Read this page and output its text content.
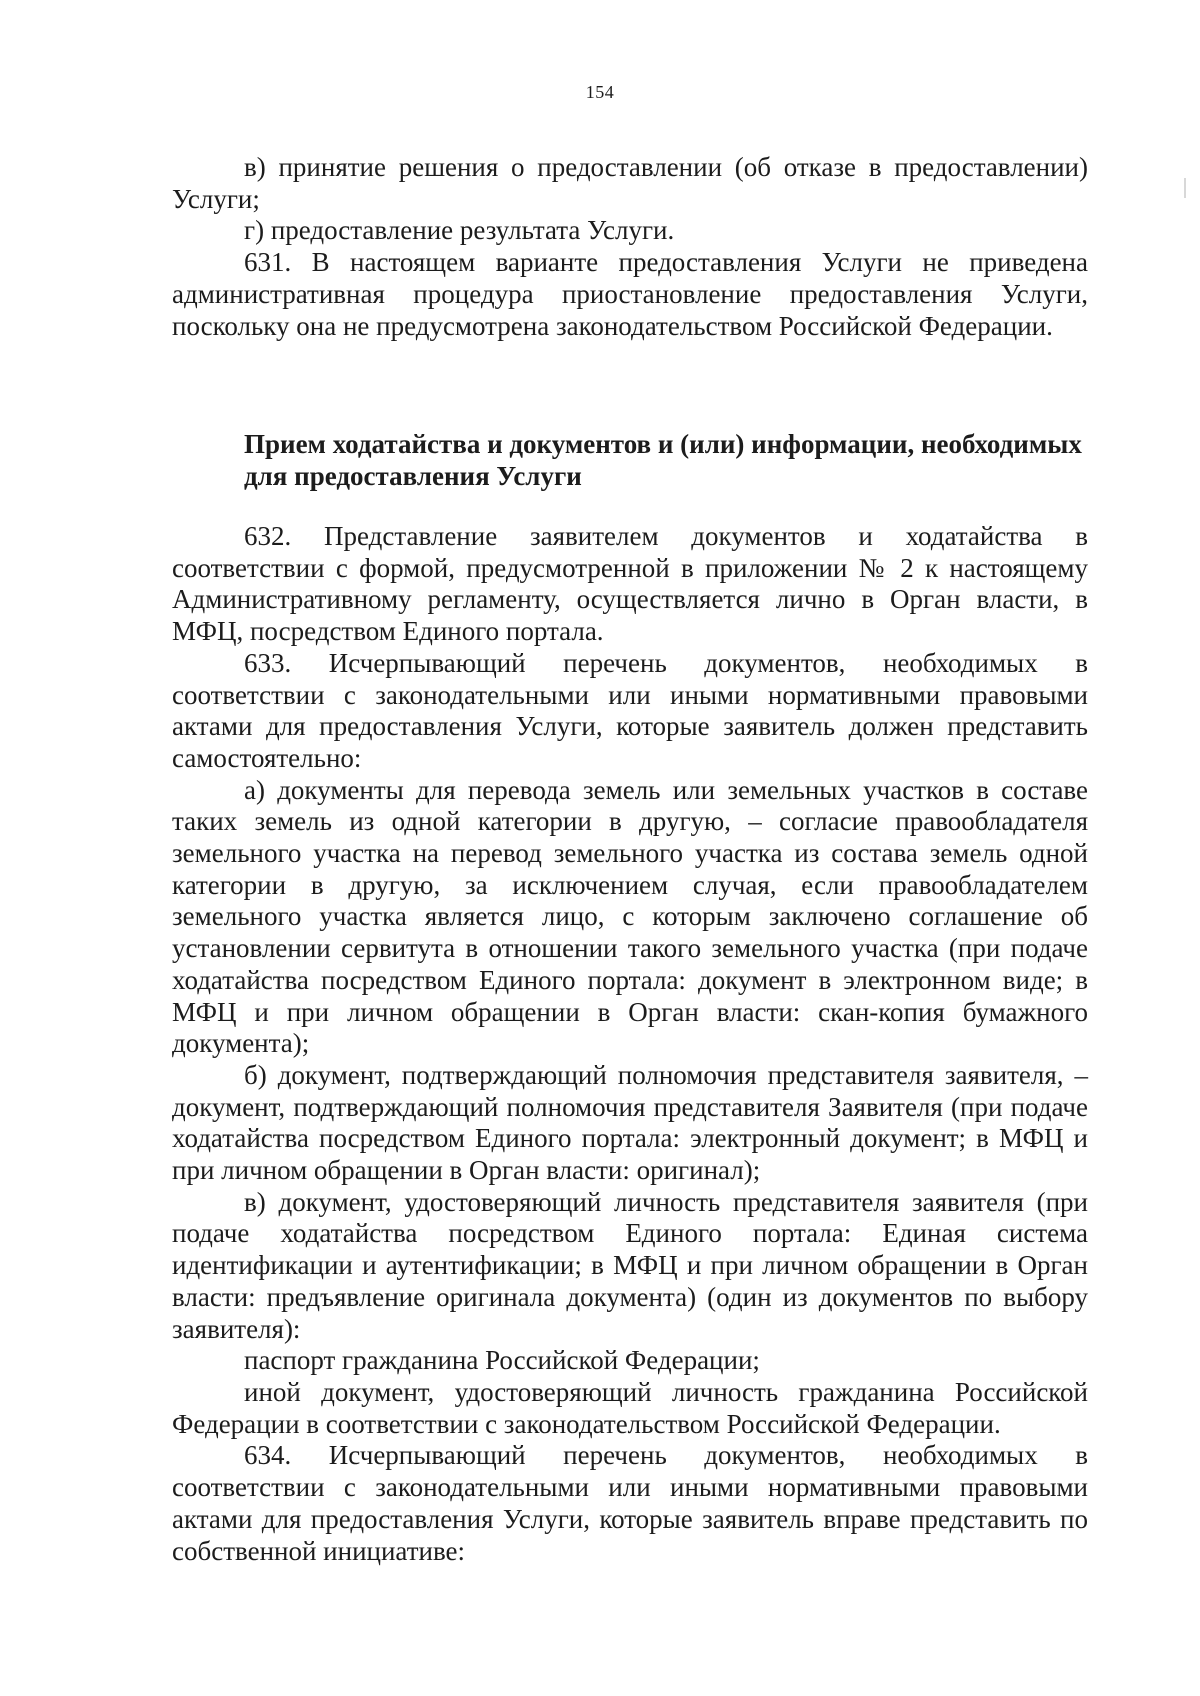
154

в) принятие решения о предоставлении (об отказе в предоставлении) Услуги;

г) предоставление результата Услуги.

631. В настоящем варианте предоставления Услуги не приведена административная процедура приостановление предоставления Услуги, поскольку она не предусмотрена законодательством Российской Федерации.

Прием ходатайства и документов и (или) информации, необходимых

для предоставления Услуги

632. Представление заявителем документов и ходатайства в соответствии с формой, предусмотренной в приложении № 2 к настоящему Административному регламенту, осуществляется лично в Орган власти, в МФЦ, посредством Единого портала.

633. Исчерпывающий перечень документов, необходимых в соответствии с законодательными или иными нормативными правовыми актами для предоставления Услуги, которые заявитель должен представить самостоятельно:

а) документы для перевода земель или земельных участков в составе таких земель из одной категории в другую, – согласие правообладателя земельного участка на перевод земельного участка из состава земель одной категории в другую, за исключением случая, если правообладателем земельного участка является лицо, с которым заключено соглашение об установлении сервитута в отношении такого земельного участка (при подаче ходатайства посредством Единого портала: документ в электронном виде; в МФЦ и при личном обращении в Орган власти: скан-копия бумажного документа);

б) документ, подтверждающий полномочия представителя заявителя, – документ, подтверждающий полномочия представителя Заявителя (при подаче ходатайства посредством Единого портала: электронный документ; в МФЦ и при личном обращении в Орган власти: оригинал);

в) документ, удостоверяющий личность представителя заявителя (при подаче ходатайства посредством Единого портала: Единая система идентификации и аутентификации; в МФЦ и при личном обращении в Орган власти: предъявление оригинала документа) (один из документов по выбору заявителя):

паспорт гражданина Российской Федерации;

иной документ, удостоверяющий личность гражданина Российской Федерации в соответствии с законодательством Российской Федерации.

634. Исчерпывающий перечень документов, необходимых в соответствии с законодательными или иными нормативными правовыми актами для предоставления Услуги, которые заявитель вправе представить по собственной инициативе:
